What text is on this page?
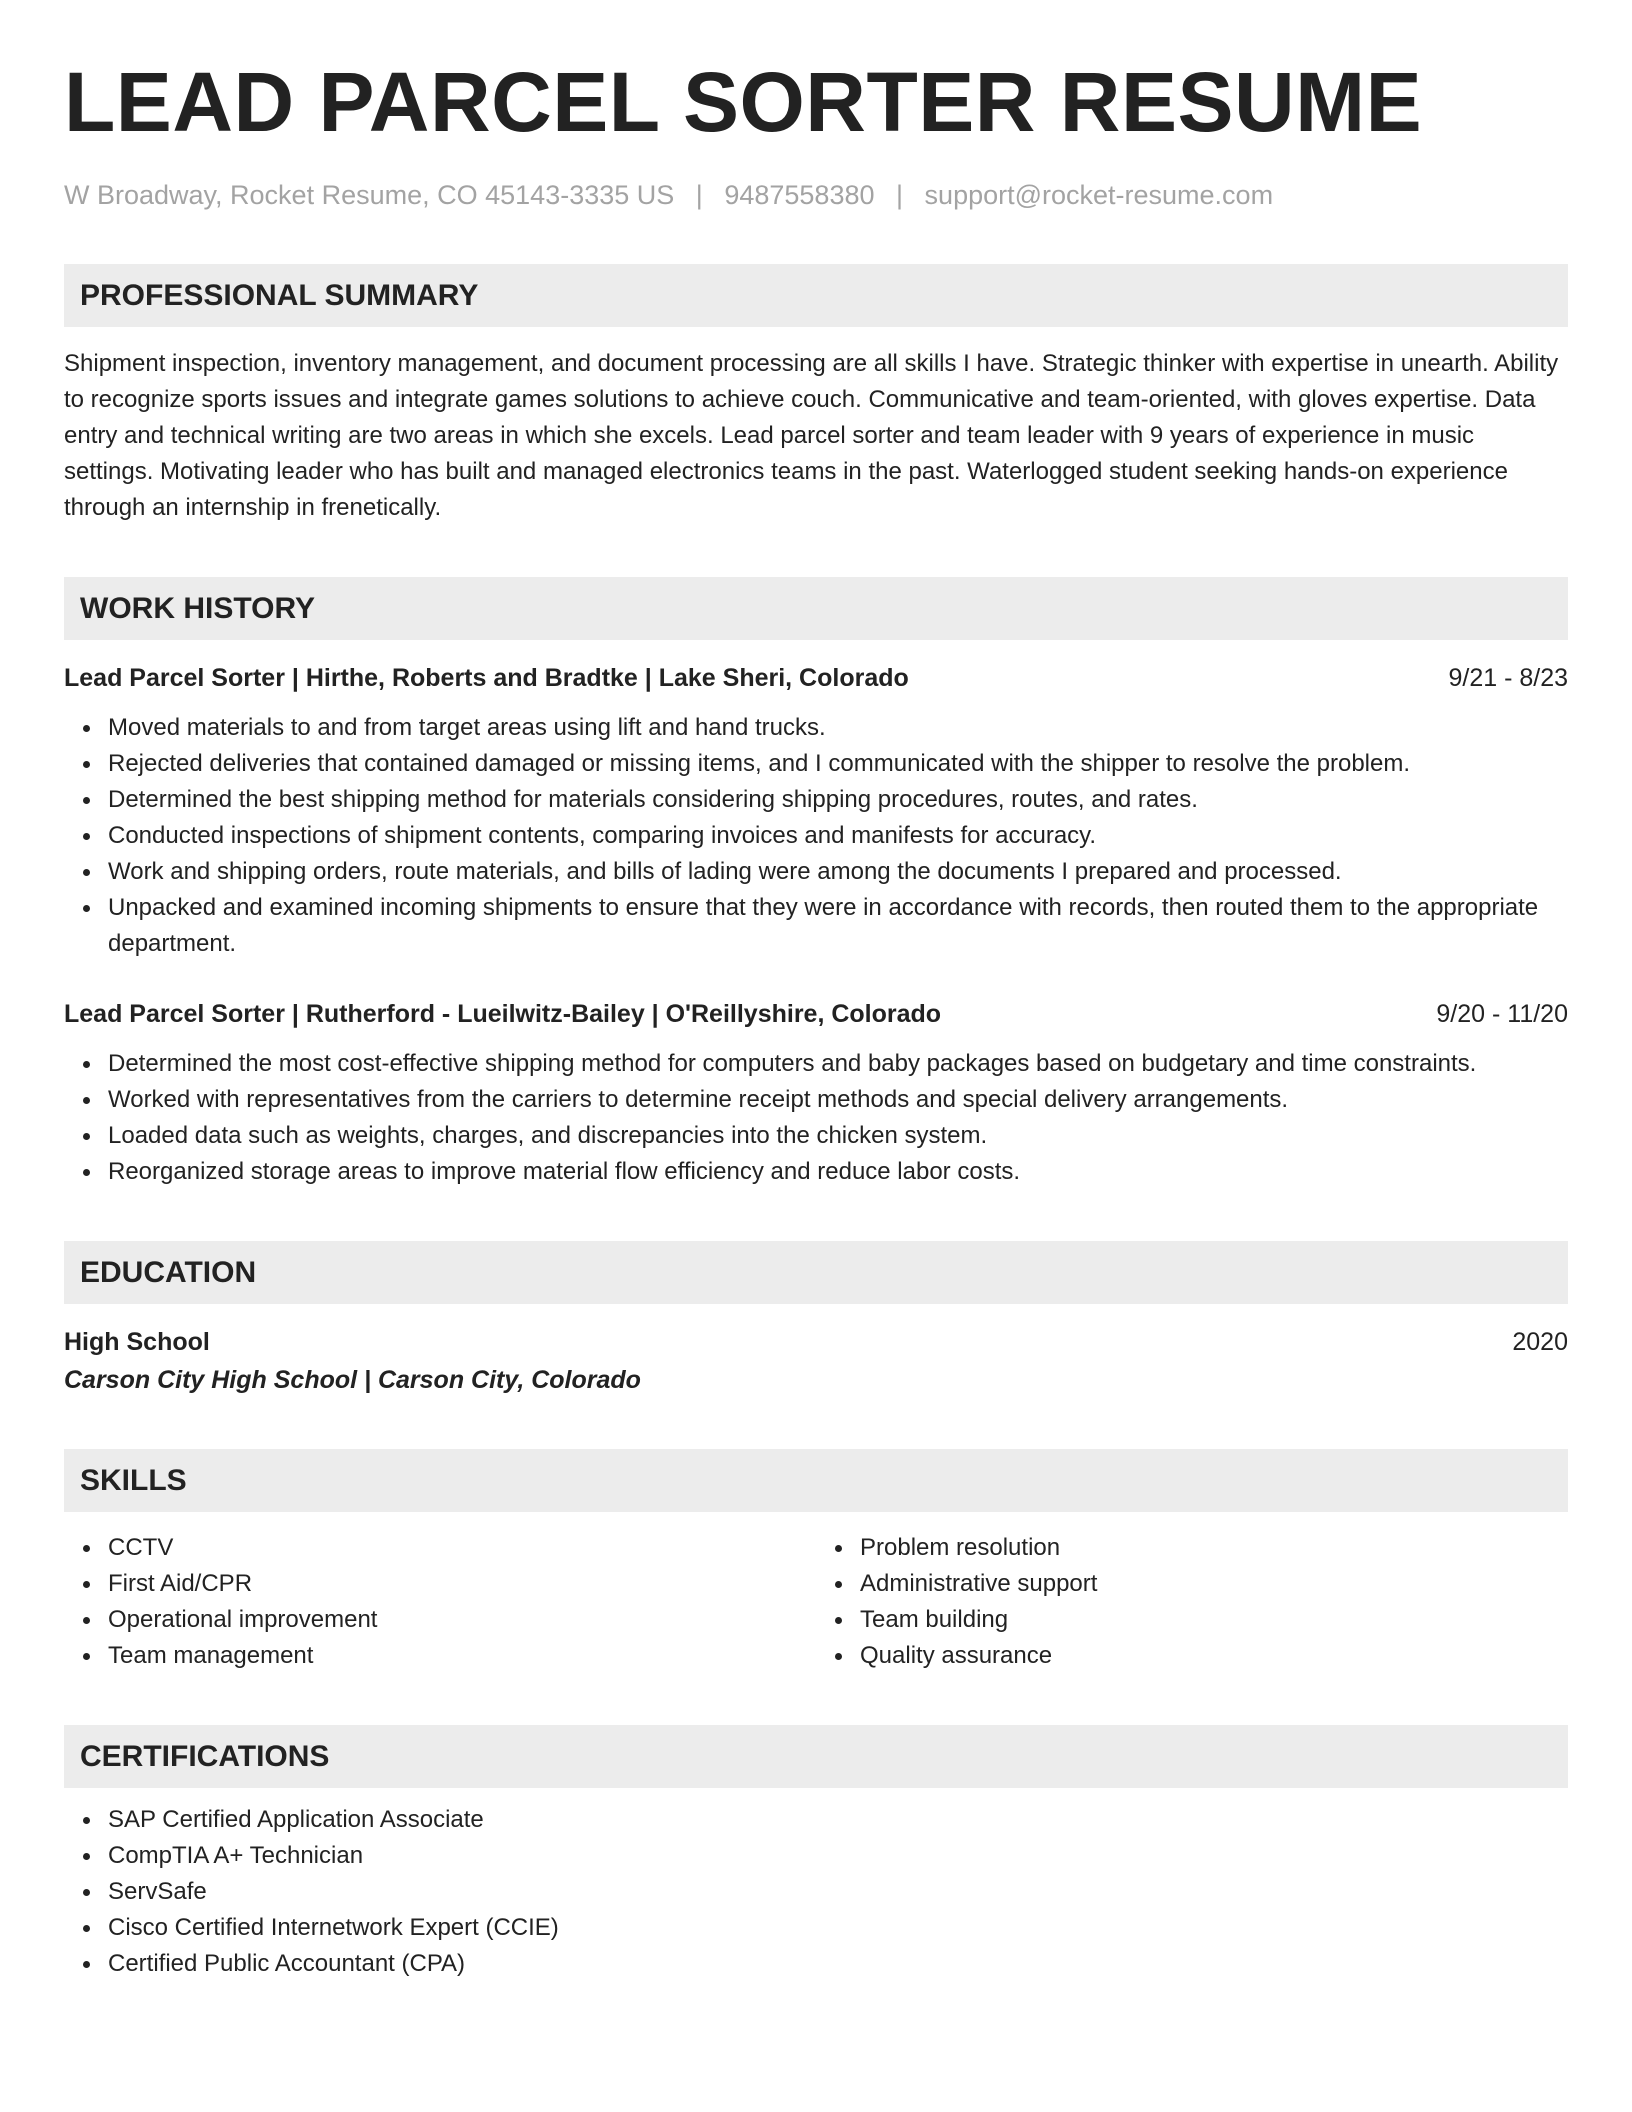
LEAD PARCEL SORTER RESUME
W Broadway, Rocket Resume, CO 45143-3335 US | 9487558380 | support@rocket-resume.com
PROFESSIONAL SUMMARY
Shipment inspection, inventory management, and document processing are all skills I have. Strategic thinker with expertise in unearth. Ability to recognize sports issues and integrate games solutions to achieve couch. Communicative and team-oriented, with gloves expertise. Data entry and technical writing are two areas in which she excels. Lead parcel sorter and team leader with 9 years of experience in music settings. Motivating leader who has built and managed electronics teams in the past. Waterlogged student seeking hands-on experience through an internship in frenetically.
WORK HISTORY
Lead Parcel Sorter | Hirthe, Roberts and Bradtke | Lake Sheri, Colorado	9/21 - 8/23
Moved materials to and from target areas using lift and hand trucks.
Rejected deliveries that contained damaged or missing items, and I communicated with the shipper to resolve the problem.
Determined the best shipping method for materials considering shipping procedures, routes, and rates.
Conducted inspections of shipment contents, comparing invoices and manifests for accuracy.
Work and shipping orders, route materials, and bills of lading were among the documents I prepared and processed.
Unpacked and examined incoming shipments to ensure that they were in accordance with records, then routed them to the appropriate department.
Lead Parcel Sorter | Rutherford - Lueilwitz-Bailey | O'Reillyshire, Colorado	9/20 - 11/20
Determined the most cost-effective shipping method for computers and baby packages based on budgetary and time constraints.
Worked with representatives from the carriers to determine receipt methods and special delivery arrangements.
Loaded data such as weights, charges, and discrepancies into the chicken system.
Reorganized storage areas to improve material flow efficiency and reduce labor costs.
EDUCATION
High School	2020
Carson City High School | Carson City, Colorado
SKILLS
CCTV
First Aid/CPR
Operational improvement
Team management
Problem resolution
Administrative support
Team building
Quality assurance
CERTIFICATIONS
SAP Certified Application Associate
CompTIA A+ Technician
ServSafe
Cisco Certified Internetwork Expert (CCIE)
Certified Public Accountant (CPA)
